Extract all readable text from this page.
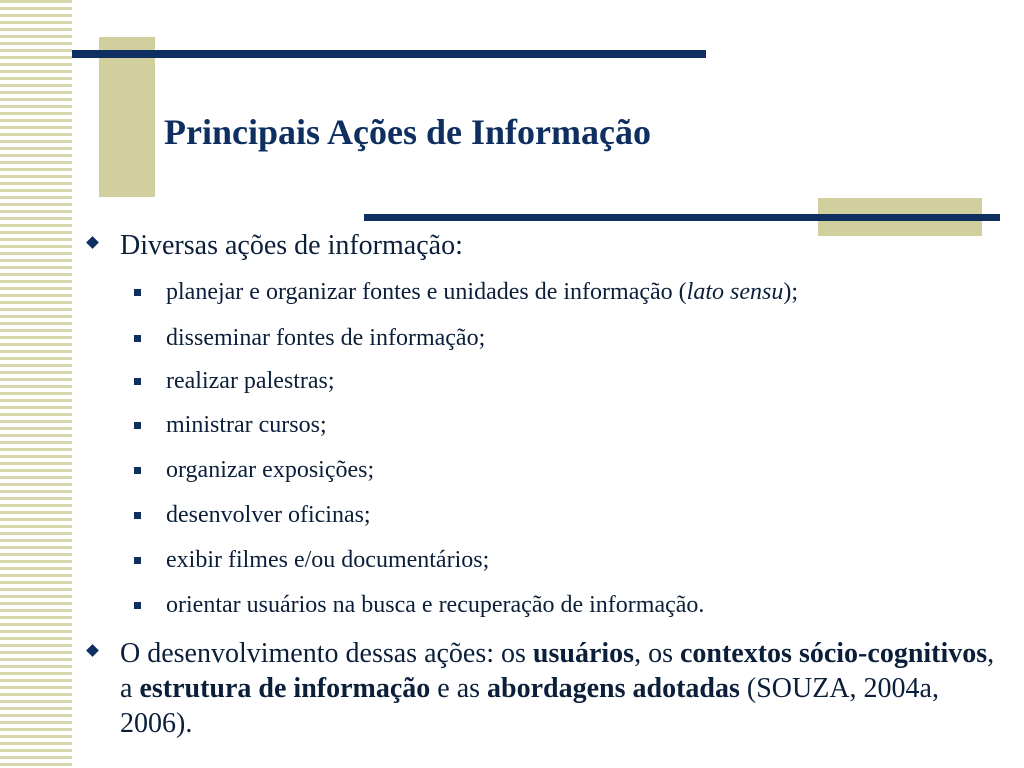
Principais Ações de Informação
Diversas ações de informação:
planejar e organizar fontes e unidades de informação (lato sensu);
disseminar fontes de informação;
realizar palestras;
ministrar cursos;
organizar exposições;
desenvolver oficinas;
exibir filmes e/ou documentários;
orientar usuários na busca e recuperação de informação.
O desenvolvimento dessas ações: os usuários, os contextos sócio-cognitivos, a estrutura de informação e as abordagens adotadas (SOUZA, 2004a, 2006).
